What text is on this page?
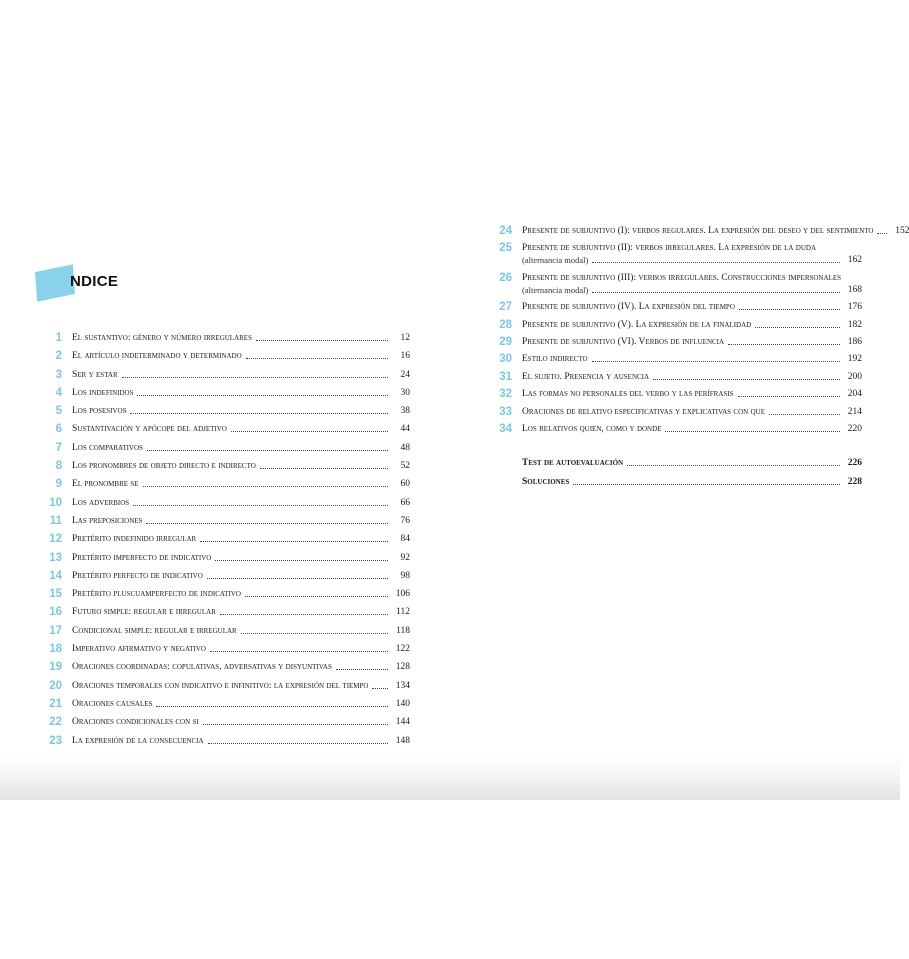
NDICE
1	El sustantivo: género y número irregulares	12
2	El artículo indeterminado y determinado	16
3	Ser y estar	24
4	Los indefinidos	30
5	Los posesivos	38
6	Sustantivación y apócope del adjetivo	44
7	Los comparativos	48
8	Los pronombres de objeto directo e indirecto	52
9	El pronombre se	60
10	Los adverbios	66
11	Las preposiciones	76
12	Pretérito indefinido irregular	84
13	Pretérito imperfecto de indicativo	92
14	Pretérito perfecto de indicativo	98
15	Pretérito pluscuamperfecto de indicativo	106
16	Futuro simple: regular e irregular	112
17	Condicional simple: regular e irregular	118
18	Imperativo afirmativo y negativo	122
19	Oraciones coordinadas: copulativas, adversativas y disyuntivas	128
20	Oraciones temporales con indicativo e infinitivo: la expresión del tiempo	134
21	Oraciones causales	140
22	Oraciones condicionales con si	144
23	La expresión de la consecuencia	148
24	Presente de subjuntivo (I): verbos regulares. La expresión del deseo y del sentimiento	152
25	Presente de subjuntivo (II): verbos irregulares. La expresión de la duda
(alternancia modal)	162
26	Presente de subjuntivo (III): verbos irregulares. Construcciones impersonales
(alternancia modal)	168
27	Presente de subjuntivo (IV). La expresión del tiempo	176
28	Presente de subjuntivo (V). La expresión de la finalidad	182
29	Presente de subjuntivo (VI). Verbos de influencia	186
30	Estilo indirecto	192
31	El sujeto. Presencia y ausencia	200
32	Las formas no personales del verbo y las perífrasis	204
33	Oraciones de relativo especificativas y explicativas con que	214
34	Los relativos quien, como y donde	220
Test de autoevaluación	226
Soluciones	228
